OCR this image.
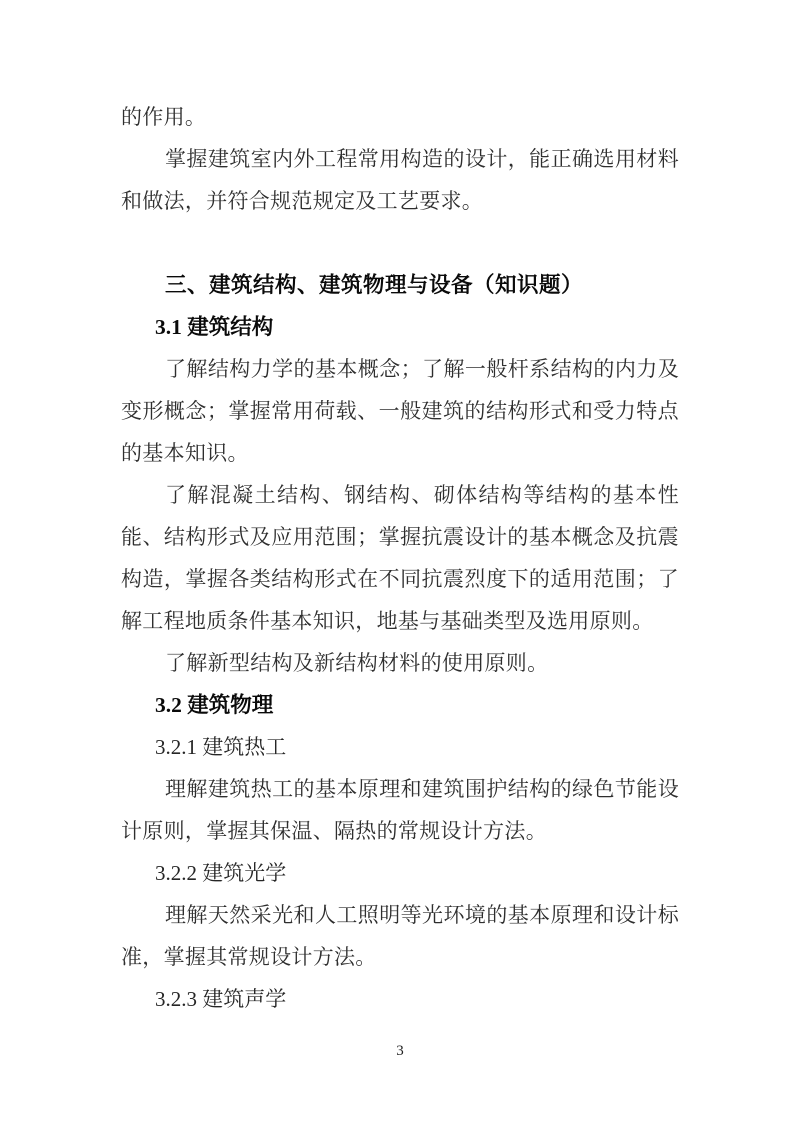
的作用。
掌握建筑室内外工程常用构造的设计，能正确选用材料和做法，并符合规范规定及工艺要求。
三、建筑结构、建筑物理与设备（知识题）
3.1 建筑结构
了解结构力学的基本概念；了解一般杆系结构的内力及变形概念；掌握常用荷载、一般建筑的结构形式和受力特点的基本知识。
了解混凝土结构、钢结构、砌体结构等结构的基本性能、结构形式及应用范围；掌握抗震设计的基本概念及抗震构造，掌握各类结构形式在不同抗震烈度下的适用范围；了解工程地质条件基本知识，地基与基础类型及选用原则。
了解新型结构及新结构材料的使用原则。
3.2 建筑物理
3.2.1 建筑热工
理解建筑热工的基本原理和建筑围护结构的绿色节能设计原则，掌握其保温、隔热的常规设计方法。
3.2.2 建筑光学
理解天然采光和人工照明等光环境的基本原理和设计标准，掌握其常规设计方法。
3.2.3 建筑声学
3
